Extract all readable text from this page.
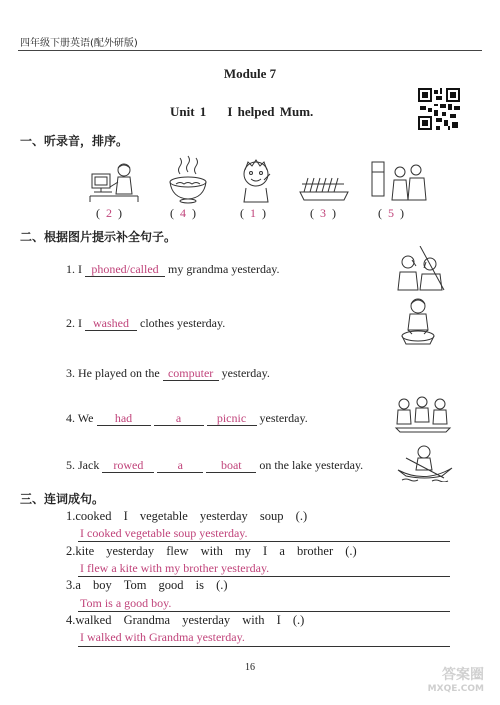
四年级下册英语(配外研版)
Module 7
Unit 1 I helped Mum.
一、听录音，排序。
(  2  )	(  4  )	(  1  )	(  3  )	(  5  )
二、根据图片提示补全句子。
1. I phoned/called my grandma yesterday.
2. I washed clothes yesterday.
3. He played on the computer yesterday.
4. We had	a	picnic yesterday.
5. Jack rowed	a	boat on the lake yesterday.
三、连词成句。
1.cooked I vegetable yesterday soup (.)
I cooked vegetable soup yesterday.
2.kite yesterday flew with my I a brother (.)
I flew a kite with my brother yesterday.
3.a boy Tom good is (.)
Tom is a good boy.
4.walked Grandma yesterday with I (.)
I walked with Grandma yesterday.
16	答案圈
MXQE.COM
